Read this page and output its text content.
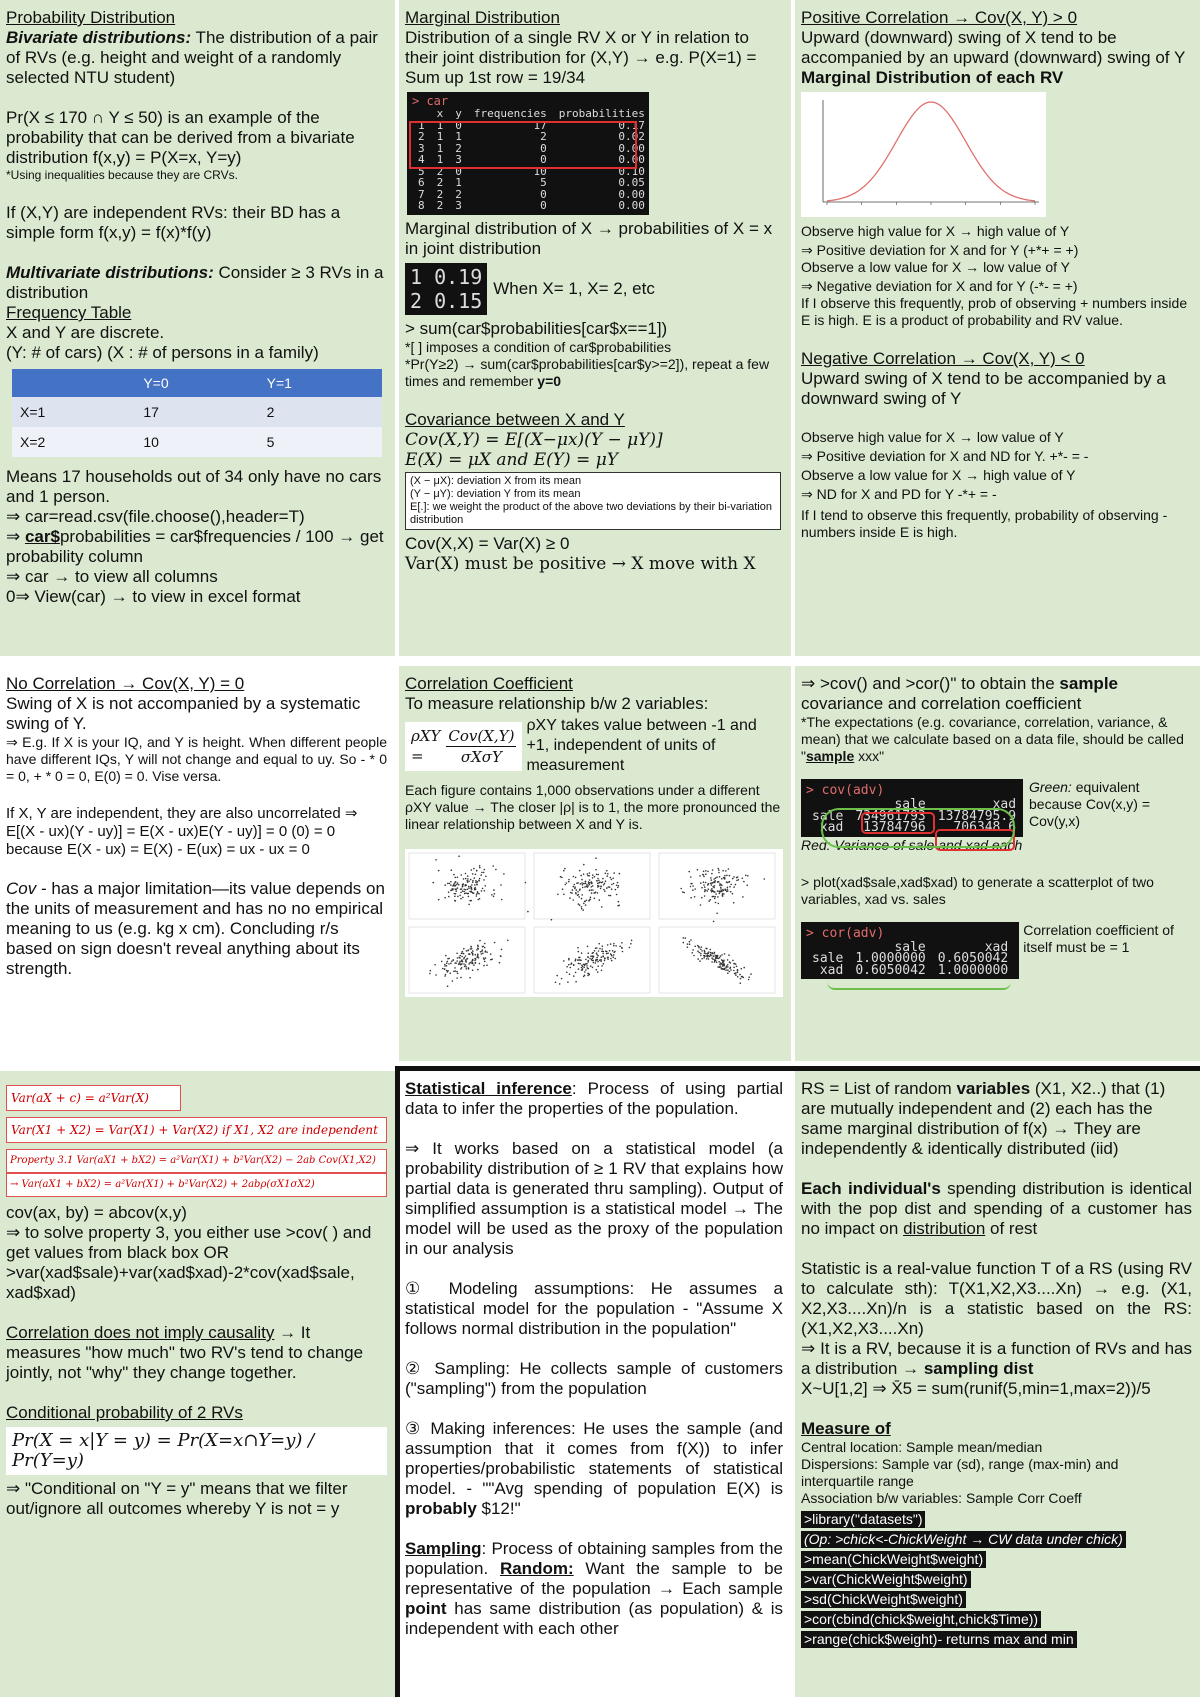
Probability Distribution

Bivariate distributions: The distribution of a pair of RVs (e.g. height and weight of a randomly selected NTU student)

Pr(X ≤ 170 ∩ Y ≤ 50) is an example of the probability that can be derived from a bivariate distribution f(x,y) = P(X=x, Y=y)

*Using inequalities because they are CRVs.

If (X,Y) are independent RVs: their BD has a simple form f(x,y) = f(x)*f(y)

Multivariate distributions: Consider ≥ 3 RVs in a distribution

Frequency Table

X and Y are discrete.

(Y: # of cars) (X : # of persons in a family)

	Y=0	Y=1
X=1	17	2
X=2	10	5

Means 17 households out of 34 only have no cars and 1 person.

⇒ car=read.csv(file.choose(),header=T)

⇒ car$probabilities = car$frequencies / 100 → get probability column

⇒ car → to view all columns

0⇒ View(car) → to view in excel format

Marginal Distribution

Distribution of a single RV X or Y in relation to their joint distribution for (X,Y) → e.g. P(X=1) = Sum up 1st row = 19/34

> car
	x	y	frequencies	probabilities
1	1	0	17	0.17
2	1	1	2	0.02
3	1	2	0	0.00
4	1	3	0	0.00
5	2	0	10	0.10
6	2	1	5	0.05
7	2	2	0	0.00
8	2	3	0	0.00

Marginal distribution of X → probabilities of X = x in joint distribution

1 0.19
2 0.15
When X= 1, X= 2, etc

> sum(car$probabilities[car$x==1])

*[ ] imposes a condition of car$probabilities

*Pr(Y≥2) → sum(car$probabilities[car$y>=2]), repeat a few times and remember y=0

Covariance between X and Y

Cov(X,Y) = E[(X−μx)(Y − μY)]

E(X) = μX and E(Y) = μY

(X − μX): deviation X from its mean
(Y − μY): deviation Y from its mean
E[.]: we weight the product of the above two deviations by their bi-variation distribution

Cov(X,X) = Var(X) ≥ 0

Var(X) must be positive → X move with X

Positive Correlation → Cov(X, Y) > 0

Upward (downward) swing of X tend to be accompanied by an upward (downward) swing of Y

Marginal Distribution of each RV

Observe high value for X → high value of Y

⇒ Positive deviation for X and for Y (+*+ = +)

Observe a low value for X → low value of Y

⇒ Negative deviation for X and for Y (-*- = +)

If I observe this frequently, prob of observing + numbers inside E is high. E is a product of probability and RV value.

Negative Correlation → Cov(X, Y) < 0

Upward swing of X tend to be accompanied by a downward swing of Y

Observe high value for X → low value of Y

⇒ Positive deviation for X and ND for Y. +*- = -

Observe a low value for X → high value of Y

⇒ ND for X and PD for Y -*+ = -

If I tend to observe this frequently, probability of observing - numbers inside E is high.

No Correlation → Cov(X, Y) = 0

Swing of X is not accompanied by a systematic swing of Y.

⇒ E.g. If X is your IQ, and Y is height. When different people have different IQs, Y will not change and equal to uy. So - * 0 = 0, + * 0 = 0, E(0) = 0. Vise versa.

If X, Y are independent, they are also uncorrelated ⇒ E[(X - ux)(Y - uy)] = E(X - ux)E(Y - uy)] = 0 (0) = 0 because E(X - ux) = E(X) - E(ux) = ux - ux = 0

Cov - has a major limitation—its value depends on the units of measurement and has no no empirical meaning to us (e.g. kg x cm). Concluding r/s based on sign doesn't reveal anything about its strength.

Correlation Coefficient

To measure relationship b/w 2 variables:

ρXY =
Cov(X,Y)
σXσY
ρXY takes value between -1 and +1, independent of units of measurement

Each figure contains 1,000 observations under a different ρXY value → The closer |ρ| is to 1, the more pronounced the linear relationship between X and Y is.

⇒ >cov() and >cor()" to obtain the sample covariance and correlation coefficient

*The expectations (e.g. covariance, correlation, variance, & mean) that we calculate based on a data file, should be called "sample xxx"

> cov(adv)
	sale	xad
sale	734961793	13784795.9
xad	13784796	706348.6
Green: equivalent because Cov(x,y) = Cov(y,x)

Red: Variance of sale and xad each

> plot(xad$sale,xad$xad) to generate a scatterplot of two variables, xad vs. sales

> cor(adv)
	sale	xad
sale	1.0000000	0.6050042
xad	0.6050042	1.0000000

Correlation coefficient of itself must be = 1

Var(aX + c) = a²Var(X)
Var(X1 + X2) = Var(X1) + Var(X2) if X1, X2 are independent
Property 3.1 Var(aX1 + bX2) = a²Var(X1) + b²Var(X2) − 2ab Cov(X1,X2)
→ Var(aX1 + bX2) = a²Var(X1) + b²Var(X2) + 2abρ(σX1σX2)

cov(ax, by) = abcov(x,y)

⇒ to solve property 3, you either use >cov( ) and get values from black box OR >var(xad$sale)+var(xad$xad)-2*cov(xad$sale, xad$xad)

Correlation does not imply causality → It measures "how much" two RV's tend to change jointly, not "why" they change together.

Conditional probability of 2 RVs

Pr(X = x|Y = y) = Pr(X=x∩Y=y) / Pr(Y=y)

⇒ "Conditional on "Y = y" means that we filter out/ignore all outcomes whereby Y is not = y

Statistical inference: Process of using partial data to infer the properties of the population.

⇒ It works based on a statistical model (a probability distribution of ≥ 1 RV that explains how partial data is generated thru sampling). Output of simplified assumption is a statistical model → The model will be used as the proxy of the population in our analysis

① Modeling assumptions: He assumes a statistical model for the population - "Assume X follows normal distribution in the population"

② Sampling: He collects sample of customers ("sampling") from the population

③ Making inferences: He uses the sample (and assumption that it comes from f(X)) to infer properties/probabilistic statements of statistical model. - ""Avg spending of population E(X) is probably $12!"

Sampling: Process of obtaining samples from the population. Random: Want the sample to be representative of the population → Each sample point has same distribution (as population) & is independent with each other

RS = List of random variables (X1, X2..) that (1) are mutually independent and (2) each has the same marginal distribution of f(x) → They are independently & identically distributed (iid)

Each individual's spending distribution is identical with the pop dist and spending of a customer has no impact on distribution of rest

Statistic is a real-value function T of a RS (using RV to calculate sth): T(X1,X2,X3....Xn) → e.g. (X1, X2,X3....Xn)/n is a statistic based on the RS: (X1,X2,X3....Xn)

⇒ It is a RV, because it is a function of RVs and has a distribution → sampling dist

X~U[1,2] ⇒ X̄5 = sum(runif(5,min=1,max=2))/5

Measure of

Central location: Sample mean/median

Dispersions: Sample var (sd), range (max-min) and interquartile range

Association b/w variables: Sample Corr Coeff

>library("datasets")
(Op: >chick<-ChickWeight → CW data under chick)
>mean(ChickWeight$weight)
>var(ChickWeight$weight)
>sd(ChickWeight$weight)
>cor(cbind(chick$weight,chick$Time))
>range(chick$weight)- returns max and min
